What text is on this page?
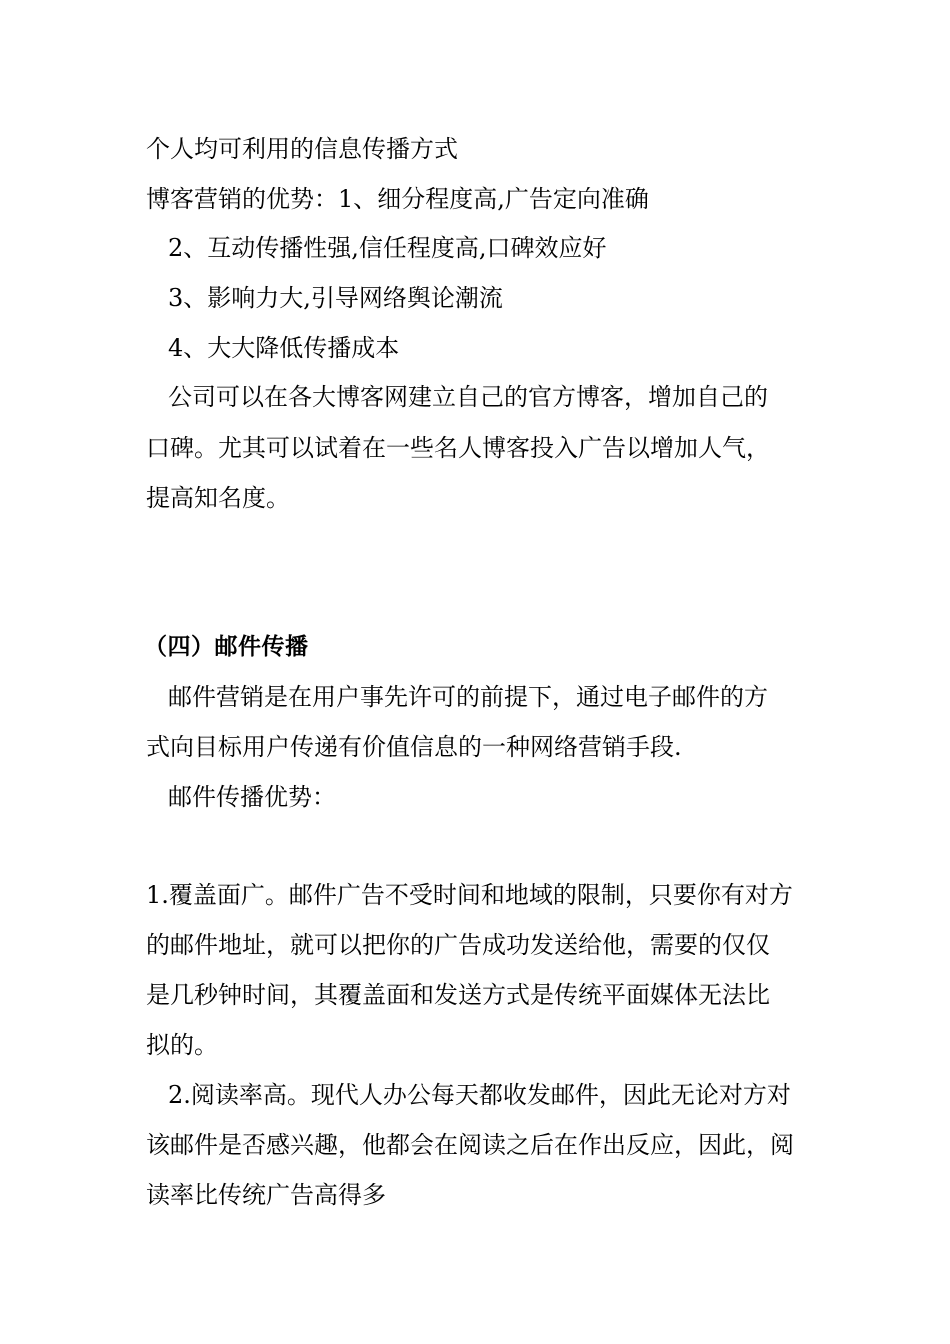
个人均可利用的信息传播方式

博客营销的优势：1、细分程度高,广告定向准确

2、互动传播性强,信任程度高,口碑效应好

3、影响力大,引导网络舆论潮流

4、大大降低传播成本

公司可以在各大博客网建立自己的官方博客，增加自己的

口碑。尤其可以试着在一些名人博客投入广告以增加人气，

提高知名度。

（四）邮件传播

邮件营销是在用户事先许可的前提下，通过电子邮件的方

式向目标用户传递有价值信息的一种网络营销手段.

邮件传播优势：

1.覆盖面广。邮件广告不受时间和地域的限制，只要你有对方

的邮件地址，就可以把你的广告成功发送给他，需要的仅仅

是几秒钟时间，其覆盖面和发送方式是传统平面媒体无法比

拟的。

2.阅读率高。现代人办公每天都收发邮件，因此无论对方对

该邮件是否感兴趣，他都会在阅读之后在作出反应，因此，阅

读率比传统广告高得多
